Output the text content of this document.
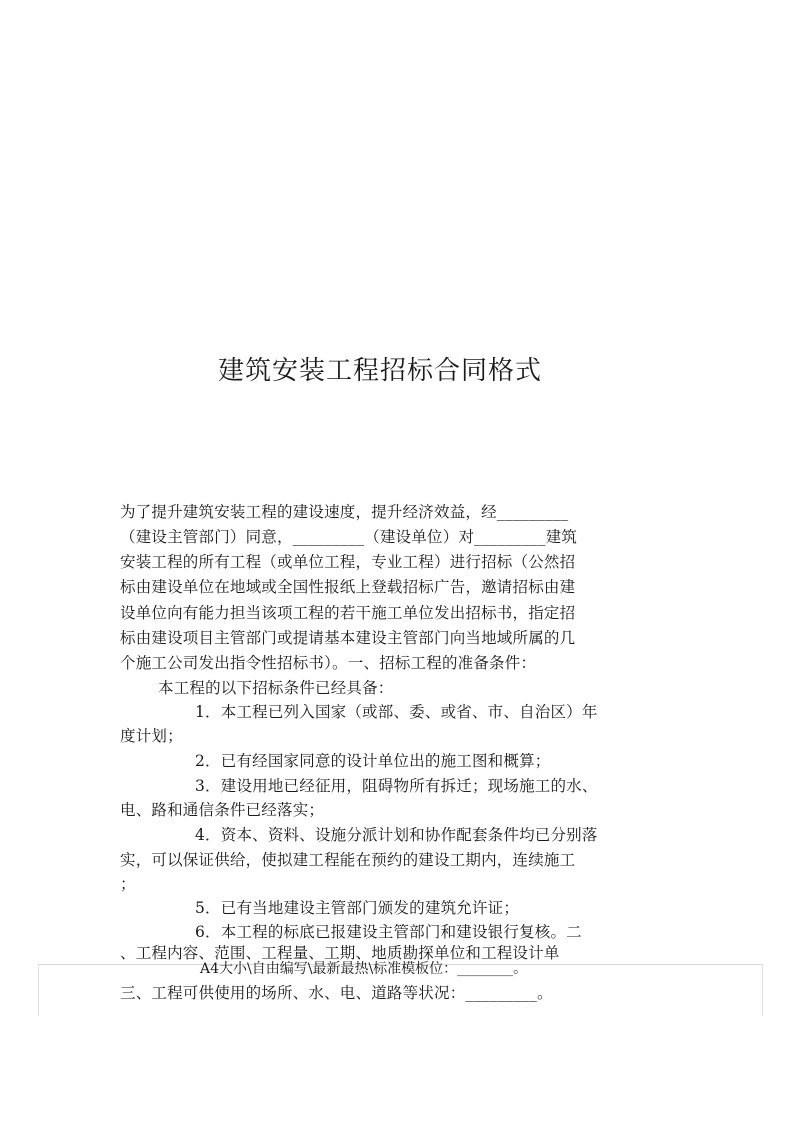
建筑安装工程招标合同格式
为了提升建筑安装工程的建设速度，提升经济效益，经_________
（建设主管部门）同意，_________（建设单位）对_________建筑
安装工程的所有工程（或单位工程，专业工程）进行招标（公然招
标由建设单位在地域或全国性报纸上登载招标广告，邀请招标由建
设单位向有能力担当该项工程的若干施工单位发出招标书，指定招
标由建设项目主管部门或提请基本建设主管部门向当地域所属的几
个施工公司发出指令性招标书）。一、招标工程的准备条件：
本工程的以下招标条件已经具备：
1．本工程已列入国家（或部、委、或省、市、自治区）年
度计划；
2．已有经国家同意的设计单位出的施工图和概算；
3．建设用地已经征用，阻碍物所有拆迁；现场施工的水、
电、路和通信条件已经落实；
4．资本、资料、设施分派计划和协作配套条件均已分别落
实，可以保证供给，使拟建工程能在预约的建设工期内，连续施工
；
5．已有当地建设主管部门颁发的建筑允许证；
6．本工程的标底已报建设主管部门和建设银行复核。二
、工程内容、范围、工程量、工期、地质勘探单位和工程设计单
A4大小\自由编写\最新最热\标准模板位：________。
三、工程可供使用的场所、水、电、道路等状况：_________。
